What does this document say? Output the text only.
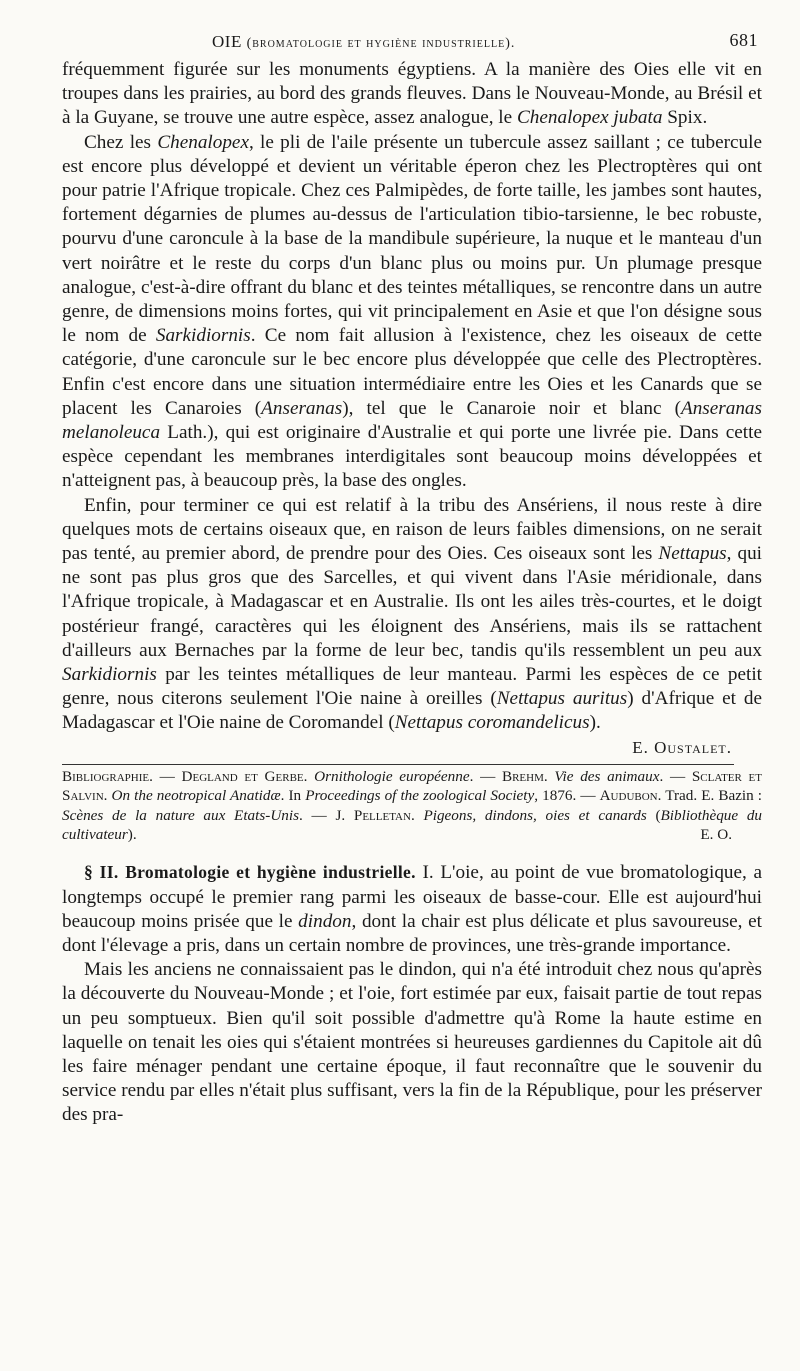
OIE (bromatologie et hygiène industrielle).	681

fréquemment figurée sur les monuments égyptiens. A la manière des Oies elle vit en troupes dans les prairies, au bord des grands fleuves. Dans le Nouveau-Monde, au Brésil et à la Guyane, se trouve une autre espèce, assez analogue, le Chenalopex jubata Spix.

Chez les Chenalopex, le pli de l'aile présente un tubercule assez saillant ; ce tubercule est encore plus développé et devient un véritable éperon chez les Plectroptères qui ont pour patrie l'Afrique tropicale. Chez ces Palmipèdes, de forte taille, les jambes sont hautes, fortement dégarnies de plumes au-dessus de l'articulation tibio-tarsienne, le bec robuste, pourvu d'une caroncule à la base de la mandibule supérieure, la nuque et le manteau d'un vert noirâtre et le reste du corps d'un blanc plus ou moins pur. Un plumage presque analogue, c'est-à-dire offrant du blanc et des teintes métalliques, se rencontre dans un autre genre, de dimensions moins fortes, qui vit principalement en Asie et que l'on désigne sous le nom de Sarkidiornis. Ce nom fait allusion à l'existence, chez les oiseaux de cette catégorie, d'une caroncule sur le bec encore plus développée que celle des Plectroptères. Enfin c'est encore dans une situation intermédiaire entre les Oies et les Canards que se placent les Canaroies (Anseranas), tel que le Canaroie noir et blanc (Anseranas melanoleuca Lath.), qui est originaire d'Australie et qui porte une livrée pie. Dans cette espèce cependant les membranes interdigitales sont beaucoup moins développées et n'atteignent pas, à beaucoup près, la base des ongles.

Enfin, pour terminer ce qui est relatif à la tribu des Ansériens, il nous reste à dire quelques mots de certains oiseaux que, en raison de leurs faibles dimensions, on ne serait pas tenté, au premier abord, de prendre pour des Oies. Ces oiseaux sont les Nettapus, qui ne sont pas plus gros que des Sarcelles, et qui vivent dans l'Asie méridionale, dans l'Afrique tropicale, à Madagascar et en Australie. Ils ont les ailes très-courtes, et le doigt postérieur frangé, caractères qui les éloignent des Ansériens, mais ils se rattachent d'ailleurs aux Bernaches par la forme de leur bec, tandis qu'ils ressemblent un peu aux Sarkidiornis par les teintes métalliques de leur manteau. Parmi les espèces de ce petit genre, nous citerons seulement l'Oie naine à oreilles (Nettapus auritus) d'Afrique et de Madagascar et l'Oie naine de Coromandel (Nettapus coromandelicus).

E. Oustalet.

Bibliographie. — Degland et Gerbe. Ornithologie européenne. — Brehm. Vie des animaux. — Sclater et Salvin. On the neotropical Anatidæ. In Proceedings of the zoological Society, 1876. — Audubon. Trad. E. Bazin : Scènes de la nature aux Etats-Unis. — J. Pelletan. Pigeons, dindons, oies et canards (Bibliothèque du cultivateur).	E. O.

§ II. Bromatologie et hygiène industrielle. I. L'oie, au point de vue bromatologique, a longtemps occupé le premier rang parmi les oiseaux de basse-cour. Elle est aujourd'hui beaucoup moins prisée que le dindon, dont la chair est plus délicate et plus savoureuse, et dont l'élevage a pris, dans un certain nombre de provinces, une très-grande importance.

Mais les anciens ne connaissaient pas le dindon, qui n'a été introduit chez nous qu'après la découverte du Nouveau-Monde ; et l'oie, fort estimée par eux, faisait partie de tout repas un peu somptueux. Bien qu'il soit possible d'admettre qu'à Rome la haute estime en laquelle on tenait les oies qui s'étaient montrées si heureuses gardiennes du Capitole ait dû les faire ménager pendant une certaine époque, il faut reconnaître que le souvenir du service rendu par elles n'était plus suffisant, vers la fin de la République, pour les préserver des pra-
